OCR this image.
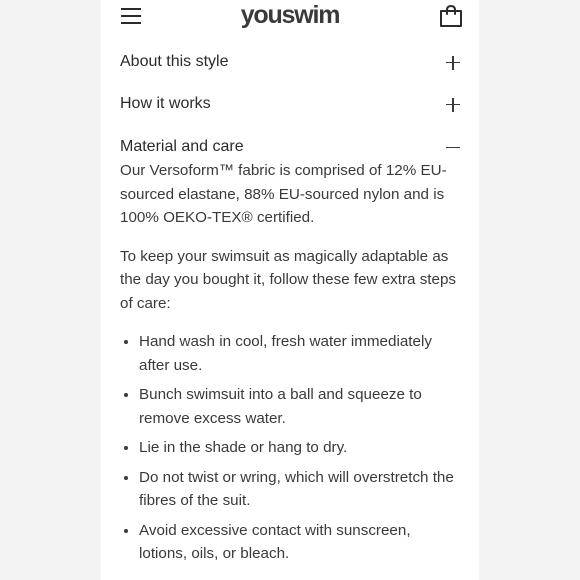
youswim
About this style
How it works
Material and care

Our Versoform™ fabric is comprised of 12% EU-sourced elastane, 88% EU-sourced nylon and is 100% OEKO-TEX® certified.

To keep your swimsuit as magically adaptable as the day you bought it, follow these few extra steps of care:

• Hand wash in cool, fresh water immediately after use.
• Bunch swimsuit into a ball and squeeze to remove excess water.
• Lie in the shade or hang to dry.
• Do not twist or wring, which will overstretch the fibres of the suit.
• Avoid excessive contact with sunscreen, lotions, oils, or bleach.
